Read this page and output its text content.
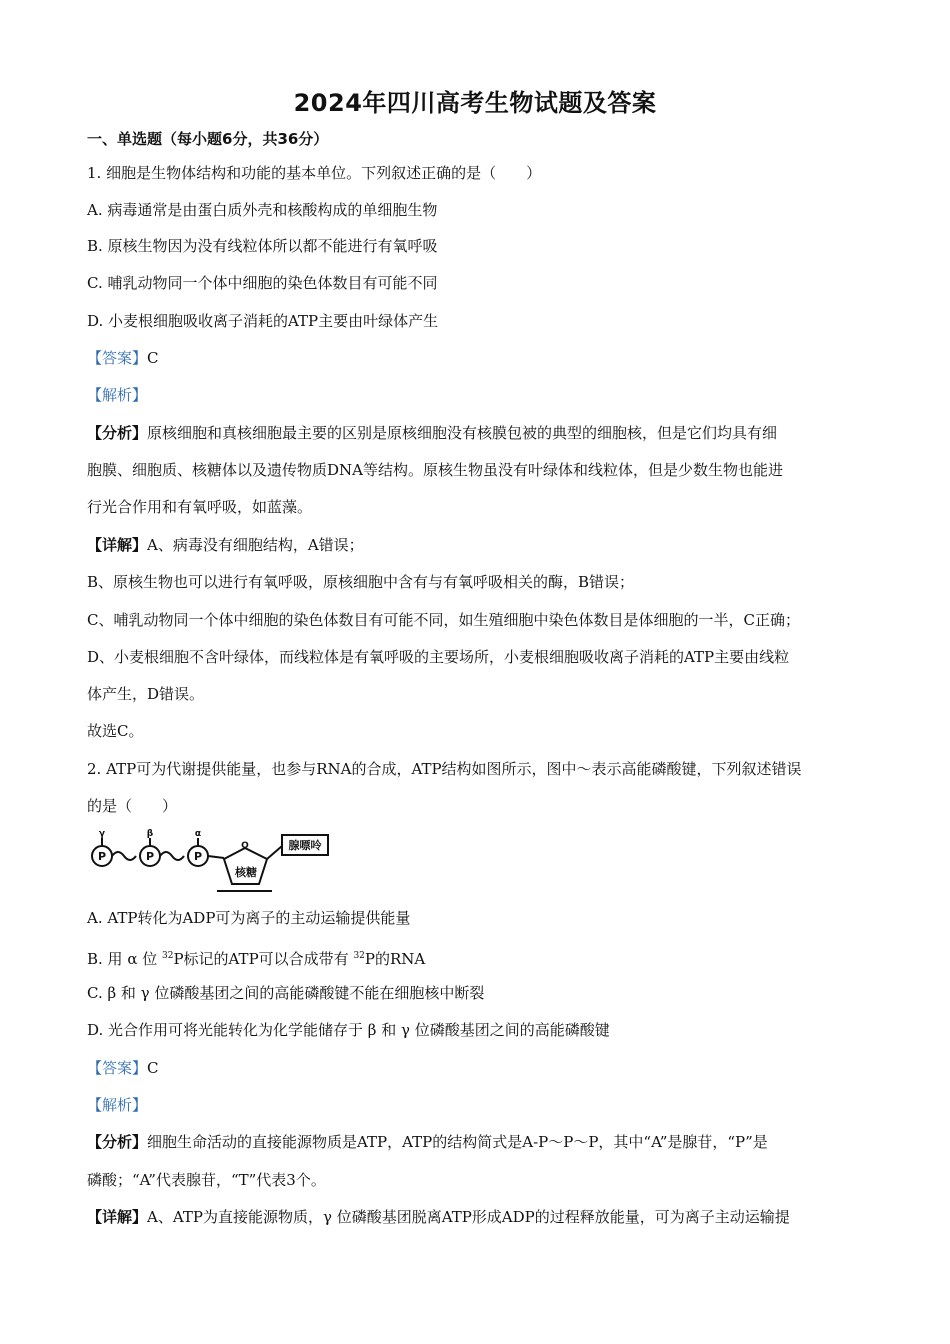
2024年四川高考生物试题及答案
一、单选题（每小题6分，共36分）
1. 细胞是生物体结构和功能的基本单位。下列叙述正确的是（　　）
A. 病毒通常是由蛋白质外壳和核酸构成的单细胞生物
B. 原核生物因为没有线粒体所以都不能进行有氧呼吸
C. 哺乳动物同一个体中细胞的染色体数目有可能不同
D. 小麦根细胞吸收离子消耗的ATP主要由叶绿体产生
【答案】C
【解析】
【分析】原核细胞和真核细胞最主要的区别是原核细胞没有核膜包被的典型的细胞核，但是它们均具有细
胞膜、细胞质、核糖体以及遗传物质DNA等结构。原核生物虽没有叶绿体和线粒体，但是少数生物也能进
行光合作用和有氧呼吸，如蓝藻。
【详解】A、病毒没有细胞结构，A错误；
B、原核生物也可以进行有氧呼吸，原核细胞中含有与有氧呼吸相关的酶，B错误；
C、哺乳动物同一个体中细胞的染色体数目有可能不同，如生殖细胞中染色体数目是体细胞的一半，C正确；
D、小麦根细胞不含叶绿体，而线粒体是有氧呼吸的主要场所，小麦根细胞吸收离子消耗的ATP主要由线粒
体产生，D错误。
故选C。
2. ATP可为代谢提供能量，也参与RNA的合成，ATP结构如图所示，图中～表示高能磷酸键，下列叙述错误
的是（　　）
P	P	P
γ	β	α
O
核糖
腺嘌呤
A. ATP转化为ADP可为离子的主动运输提供能量
B. 用 α 位 $^{32}$P标记的ATP可以合成带有 $^{32}$P的RNA
C. β 和 γ 位磷酸基团之间的高能磷酸键不能在细胞核中断裂
D. 光合作用可将光能转化为化学能储存于 β 和 γ 位磷酸基团之间的高能磷酸键
【答案】C
【解析】
【分析】细胞生命活动的直接能源物质是ATP，ATP的结构简式是A-P～P～P，其中“A”是腺苷，“P”是
磷酸；“A”代表腺苷，“T”代表3个。
【详解】A、ATP为直接能源物质，γ 位磷酸基团脱离ATP形成ADP的过程释放能量，可为离子主动运输提
